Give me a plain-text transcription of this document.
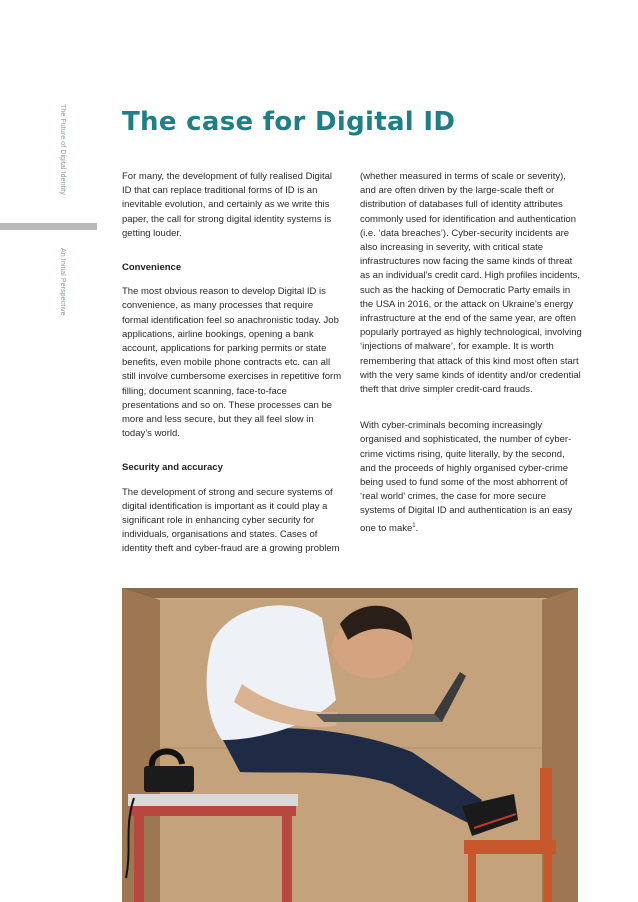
The Future of Digital Identity
An Initial Perspective
The case for Digital ID

For many, the development of fully realised Digital ID that can replace traditional forms of ID is an inevitable evolution, and certainly as we write this paper, the call for strong digital identity systems is getting louder.

Convenience

The most obvious reason to develop Digital ID is convenience, as many processes that require formal identification feel so anachronistic today. Job applications, airline bookings, opening a bank account, applications for parking permits or state benefits, even mobile phone contracts etc. can all still involve cumbersome exercises in repetitive form filling, document scanning, face-to-face presentations and so on. These processes can be more and less secure, but they all feel slow in today’s world.

Security and accuracy

The development of strong and secure systems of digital identification is important as it could play a significant role in enhancing cyber security for individuals, organisations and states. Cases of identity theft and cyber-fraud are a growing problem

(whether measured in terms of scale or severity), and are often driven by the large-scale theft or distribution of databases full of identity attributes commonly used for identification and authentication (i.e. ‘data breaches’). Cyber-security incidents are also increasing in severity, with critical state infrastructures now facing the same kinds of threat as an individual’s credit card. High profiles incidents, such as the hacking of Democratic Party emails in the USA in 2016, or the attack on Ukraine’s energy infrastructure at the end of the same year, are often popularly portrayed as highly technological, involving ‘injections of malware’, for example. It is worth remembering that attack of this kind most often start with the very same kinds of identity and/or credential theft that drive simpler credit-card frauds.

With cyber-criminals becoming increasingly organised and sophisticated, the number of cyber-crime victims rising, quite literally, by the second, and the proceeds of highly organised cyber-crime being used to fund some of the most abhorrent of ‘real world’ crimes, the case for more secure systems of Digital ID and authentication is an easy one to make$^1$.
